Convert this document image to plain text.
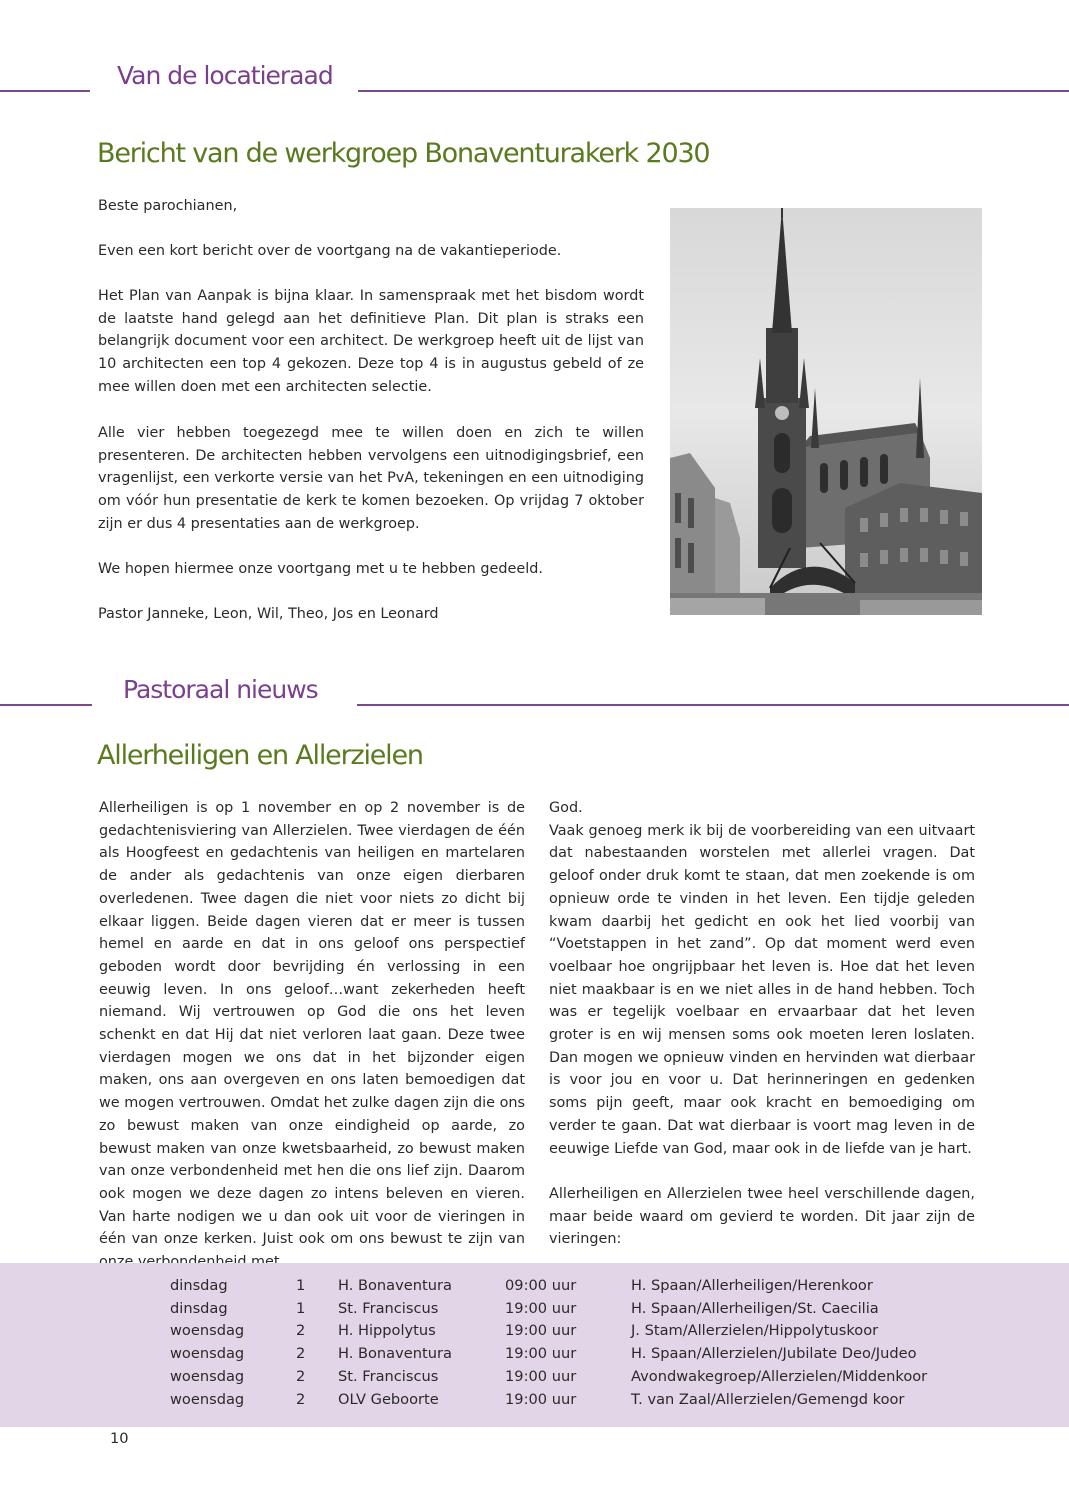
Van de locatieraad
Bericht van de werkgroep Bonaventurakerk 2030

Beste parochianen,

Even een kort bericht over de voortgang na de vakantieperiode.

Het Plan van Aanpak is bijna klaar. In samenspraak met het bisdom wordt de laatste hand gelegd aan het definitieve Plan. Dit plan is straks een belangrijk document voor een architect. De werkgroep heeft uit de lijst van 10 architecten een top 4 gekozen. Deze top 4 is in augustus gebeld of ze mee willen doen met een architecten selectie.

Alle vier hebben toegezegd mee te willen doen en zich te willen presenteren. De architecten hebben vervolgens een uitnodigingsbrief, een vragenlijst, een verkorte versie van het PvA, tekeningen en een uitnodiging om vóór hun presentatie de kerk te komen bezoeken. Op vrijdag 7 oktober zijn er dus 4 presentaties aan de werkgroep.

We hopen hiermee onze voortgang met u te hebben gedeeld.

Pastor Janneke, Leon, Wil, Theo, Jos en Leonard

Pastoraal nieuws
Allerheiligen en Allerzielen

Allerheiligen is op 1 november en op 2 november is de gedachtenisviering van Allerzielen. Twee vierdagen de één als Hoogfeest en gedachtenis van heiligen en martelaren de ander als gedachtenis van onze eigen dierbaren overledenen. Twee dagen die niet voor niets zo dicht bij elkaar liggen. Beide dagen vieren dat er meer is tussen hemel en aarde en dat in ons geloof ons perspectief geboden wordt door bevrijding én verlossing in een eeuwig leven. In ons geloof…want zekerheden heeft niemand. Wij vertrouwen op God die ons het leven schenkt en dat Hij dat niet verloren laat gaan. Deze twee vierdagen mogen we ons dat in het bijzonder eigen maken, ons aan overgeven en ons laten bemoedigen dat we mogen vertrouwen. Omdat het zulke dagen zijn die ons zo bewust maken van onze eindigheid op aarde, zo bewust maken van onze kwetsbaarheid, zo bewust maken van onze verbondenheid met hen die ons lief zijn. Daarom ook mogen we deze dagen zo intens beleven en vieren. Van harte nodigen we u dan ook uit voor de vieringen in één van onze kerken. Juist ook om ons bewust te zijn van

God.

Vaak genoeg merk ik bij de voorbereiding van een uitvaart dat nabestaanden worstelen met allerlei vragen. Dat geloof onder druk komt te staan, dat men zoekende is om opnieuw orde te vinden in het leven. Een tijdje geleden kwam daarbij het gedicht en ook het lied voorbij van “Voetstappen in het zand”. Op dat moment werd even voelbaar hoe ongrijpbaar het leven is. Hoe dat het leven niet maakbaar is en we niet alles in de hand hebben. Toch was er tegelijk voelbaar en ervaarbaar dat het leven groter is en wij mensen soms ook moeten leren loslaten. Dan mogen we opnieuw vinden en hervinden wat dierbaar is voor jou en voor u. Dat herinneringen en gedenken soms pijn geeft, maar ook kracht en bemoediging om verder te gaan. Dat wat dierbaar is voort mag leven in de eeuwige Liefde van God, maar ook in de liefde van je hart.

Allerheiligen en Allerzielen twee heel verschillende dagen, maar beide waard om gevierd te worden. Dit jaar zijn de vieringen:

dinsdag	1 H. Bonaventura	09:00 uur	H. Spaan/Allerheiligen/Herenkoor
dinsdag	1 St. Franciscus	19:00 uur	H. Spaan/Allerheiligen/St. Caecilia
woensdag	2 H. Hippolytus	19:00 uur	J. Stam/Allerzielen/Hippolytuskoor
woensdag	2 H. Bonaventura	19:00 uur	H. Spaan/Allerzielen/Jubilate Deo/Judeo
woensdag	2 St. Franciscus	19:00 uur	Avondwakegroep/Allerzielen/Middenkoor
woensdag	2 OLV Geboorte	19:00 uur	T. van Zaal/Allerzielen/Gemengd koor
10
